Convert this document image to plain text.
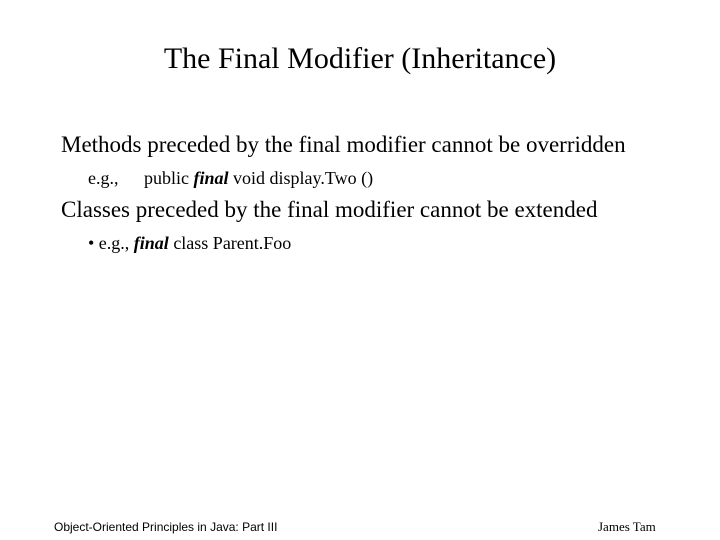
The Final Modifier (Inheritance)
Methods preceded by the final modifier cannot be overridden
e.g., public final void display.Two ()
Classes preceded by the final modifier cannot be extended
• e.g., final class Parent.Foo
Object-Oriented Principles in Java: Part III	James Tam
